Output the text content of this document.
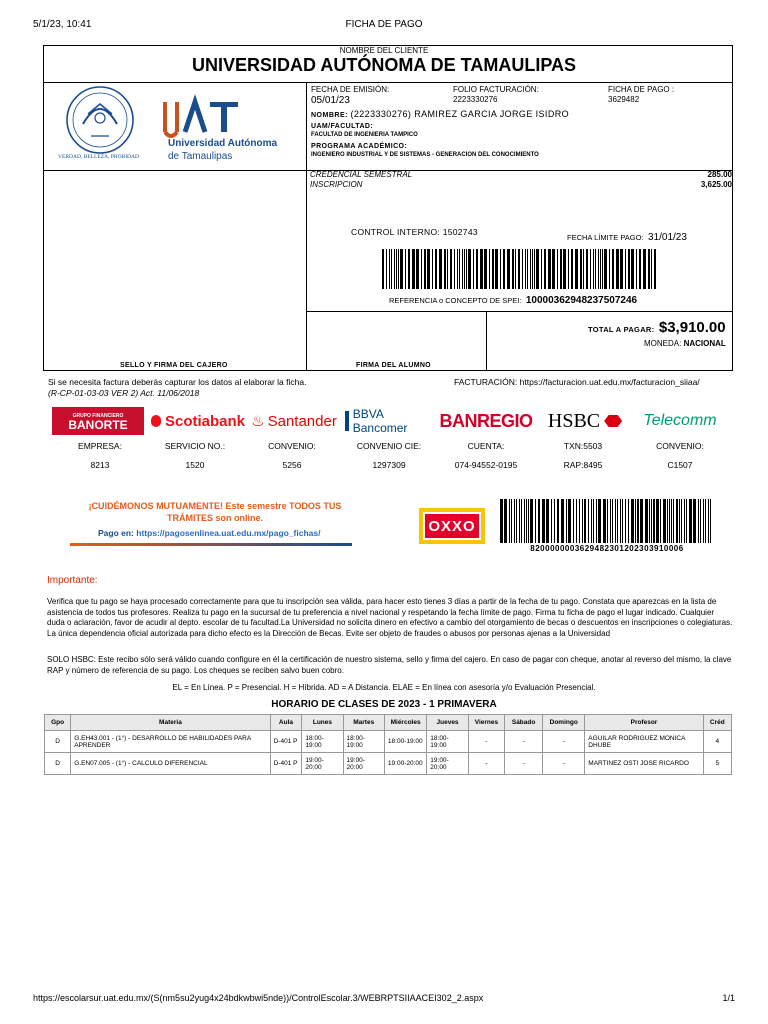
5/1/23, 10:41	FICHA DE PAGO
NOMBRE DEL CLIENTE
UNIVERSIDAD AUTÓNOMA DE TAMAULIPAS
VERDAD, BELLEZA, PROBIDAD
Universidad Autónoma
de Tamaulipas
FECHA DE EMISIÓN:
05/01/23
FOLIO FACTURACIÓN:
2223330276
FICHA DE PAGO :
3629482
NOMBRE: (2223330276) RAMIREZ GARCIA JORGE ISIDRO
UAM/FACULTAD:
FACULTAD DE INGENIERIA TAMPICO
PROGRAMA ACADÉMICO:
INGENIERO INDUSTRIAL Y DE SISTEMAS - GENERACION DEL CONOCIMIENTO
CREDENCIAL SEMESTRAL	285.00
INSCRIPCION	3,625.00
CONTROL INTERNO: 1502743
FECHA LÍMITE PAGO: 31/01/23
REFERENCIA o CONCEPTO DE SPEI: 10000362948237507246
TOTAL A PAGAR: $3,910.00
MONEDA: NACIONAL
SELLO Y FIRMA DEL CAJERO	FIRMA DEL ALUMNO
Si se necesita factura deberás capturar los datos al elaborar la ficha.
(R-CP-01-03-03 VER 2) Act. 11/06/2018
FACTURACIÓN: https://facturacion.uat.edu.mx/facturacion_siiaa/
GRUPO FINANCIERO
BANORTE Scotiabank ♨ Santander BBVA Bancomer	BANREGIO HSBC	Telecomm
EMPRESA:
8213
SERVICIO NO.:
1520
CONVENIO:
5256
CONVENIO CIE:
1297309
CUENTA:
074-94552-0195
TXN:5503
RAP:8495
CONVENIO:
C1507
¡CUIDÉMONOS MUTUAMENTE! Este semestre TODOS TUS
TRÁMITES son online.
Pago en: https://pagosenlinea.uat.edu.mx/pago_fichas/	OXXO
8200000003629482301202303910006
Importante:
Verifica que tu pago se haya procesado correctamente para que tu inscripción sea válida, para hacer esto tienes 3 días a partir de la fecha de tu pago. Constata que aparezcas en la lista de asistencia de todos tus profesores. Realiza tu pago en la sucursal de tu preferencia a nivel nacional y respetando la fecha límite de pago. Firma tu ficha de pago el lugar indicado. Cualquier duda o aclaración, favor de acudir al depto. escolar de tu facultad.La Universidad no solicita dinero en efectivo a cambio del otorgamiento de becas o descuentos en inscripciones o colegiaturas. La única dependencia oficial autorizada para dicho efecto es la Dirección de Becas. Evite ser objeto de fraudes o abusos por personas ajenas a la Universidad
SOLO HSBC: Este recibo sólo será válido cuando configure en él la certificación de nuestro sistema, sello y firma del cajero. En caso de pagar con cheque, anotar al reverso del mismo, la clave RAP y número de referencia de su pago. Los cheques se reciben salvo buen cobro.
EL = En Línea. P = Presencial. H = Híbrida. AD = A Distancia. ELAE = En línea con asesoría y/o Evaluación Presencial.
HORARIO DE CLASES DE 2023 - 1 PRIMAVERA
Gpo	Materia	Aula	Lunes	Martes	Miércoles	Jueves	Viernes	Sábado	Domingo	Profesor	Créd
D	G.EH43.001 - (1°) - DESARROLLO DE HABILIDADES PARA APRENDER	D-401 P	18:00-19:00	18:00-19:00	18:00-19:00	18:00-19:00	-	-	-	AGUILAR RODRIGUEZ MONICA DHUBE	4
D	G.EN07.005 - (1°) - CALCULO DIFERENCIAL	D-401 P	19:00-20:00	19:00-20:00	19:00-20:00	19:00-20:00	-	-	-	MARTINEZ OSTI JOSE RICARDO	5
https://escolarsur.uat.edu.mx/(S(nm5su2yug4x24bdkwbwi5nde))/ControlEscolar.3/WEBRPTSIIAACEI302_2.aspx	1/1
